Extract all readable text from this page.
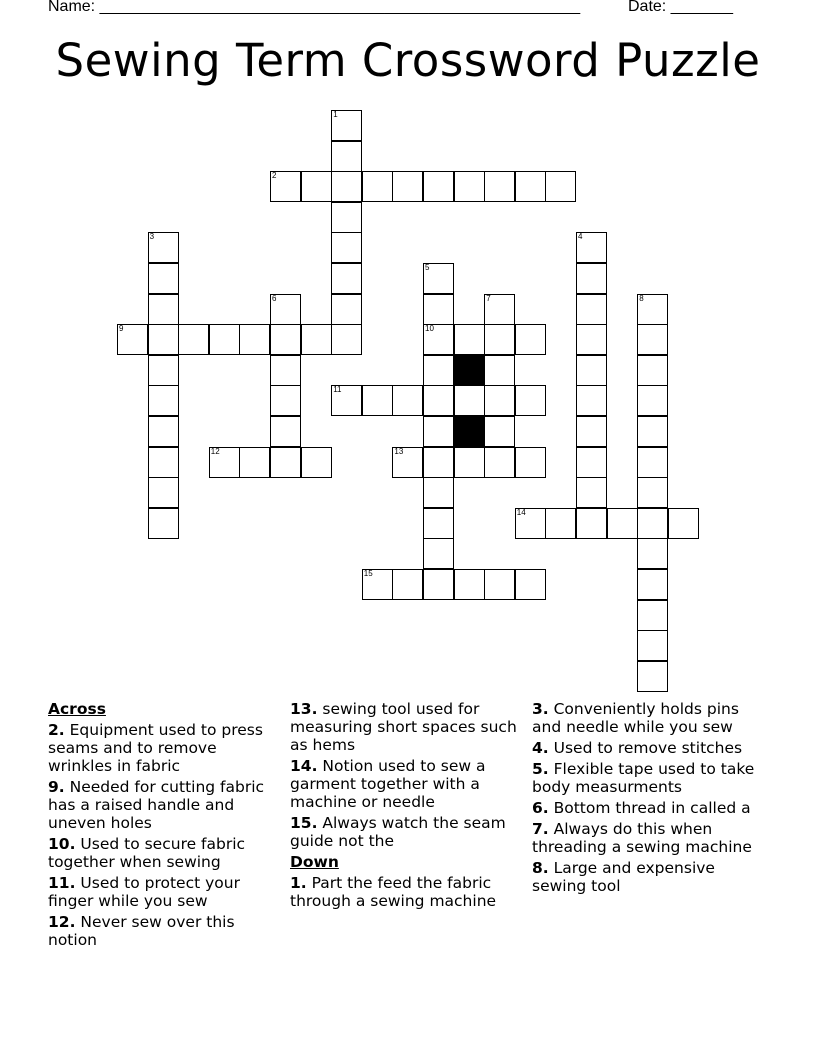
Name: ______________________________________________________	Date: _______
Sewing Term Crossword Puzzle
1
2
3	4
5
6	7	8
9	10
11
12	13
14
15
Across
2. Equipment used to press seams and to remove wrinkles in fabric
9. Needed for cutting fabric has a raised handle and uneven holes
10. Used to secure fabric together when sewing
11. Used to protect your finger while you sew
12. Never sew over this notion
13. sewing tool used for measuring short spaces such as hems
14. Notion used to sew a garment together with a machine or needle
15. Always watch the seam guide not the
Down
1. Part the feed the fabric through a sewing machine
3. Conveniently holds pins and needle while you sew
4. Used to remove stitches
5. Flexible tape used to take body measurments
6. Bottom thread in called a
7. Always do this when threading a sewing machine
8. Large and expensive sewing tool
